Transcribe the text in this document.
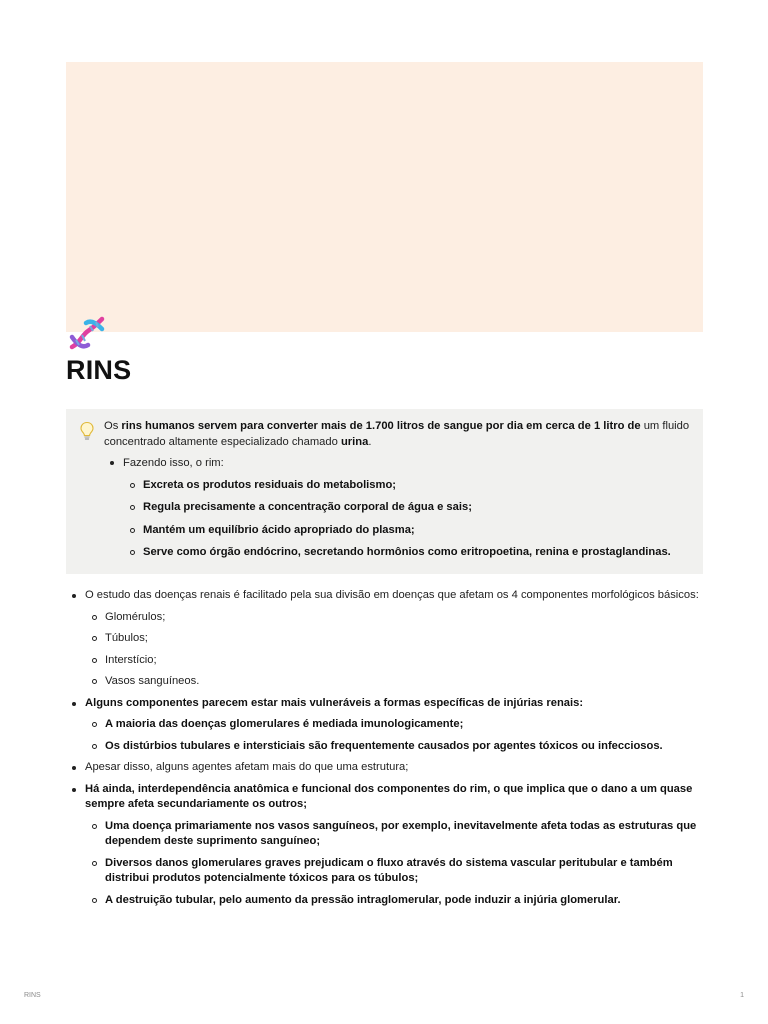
RINS

Os rins humanos servem para converter mais de 1.700 litros de sangue por dia em cerca de 1 litro de um fluido concentrado altamente especializado chamado urina.

Fazendo isso, o rim:
Excreta os produtos residuais do metabolismo;
Regula precisamente a concentração corporal de água e sais;
Mantém um equilíbrio ácido apropriado do plasma;
Serve como órgão endócrino, secretando hormônios como eritropoetina, renina e prostaglandinas.
O estudo das doenças renais é facilitado pela sua divisão em doenças que afetam os 4 componentes morfológicos básicos:
Glomérulos;
Túbulos;
Interstício;
Vasos sanguíneos.
Alguns componentes parecem estar mais vulneráveis a formas específicas de injúrias renais:
A maioria das doenças glomerulares é mediada imunologicamente;
Os distúrbios tubulares e intersticiais são frequentemente causados por agentes tóxicos ou infecciosos.
Apesar disso, alguns agentes afetam mais do que uma estrutura;
Há ainda, interdependência anatômica e funcional dos componentes do rim, o que implica que o dano a um quase sempre afeta secundariamente os outros;
Uma doença primariamente nos vasos sanguíneos, por exemplo, inevitavelmente afeta todas as estruturas que dependem deste suprimento sanguíneo;
Diversos danos glomerulares graves prejudicam o fluxo através do sistema vascular peritubular e também distribui produtos potencialmente tóxicos para os túbulos;
A destruição tubular, pelo aumento da pressão intraglomerular, pode induzir a injúria glomerular.
RINS	1
